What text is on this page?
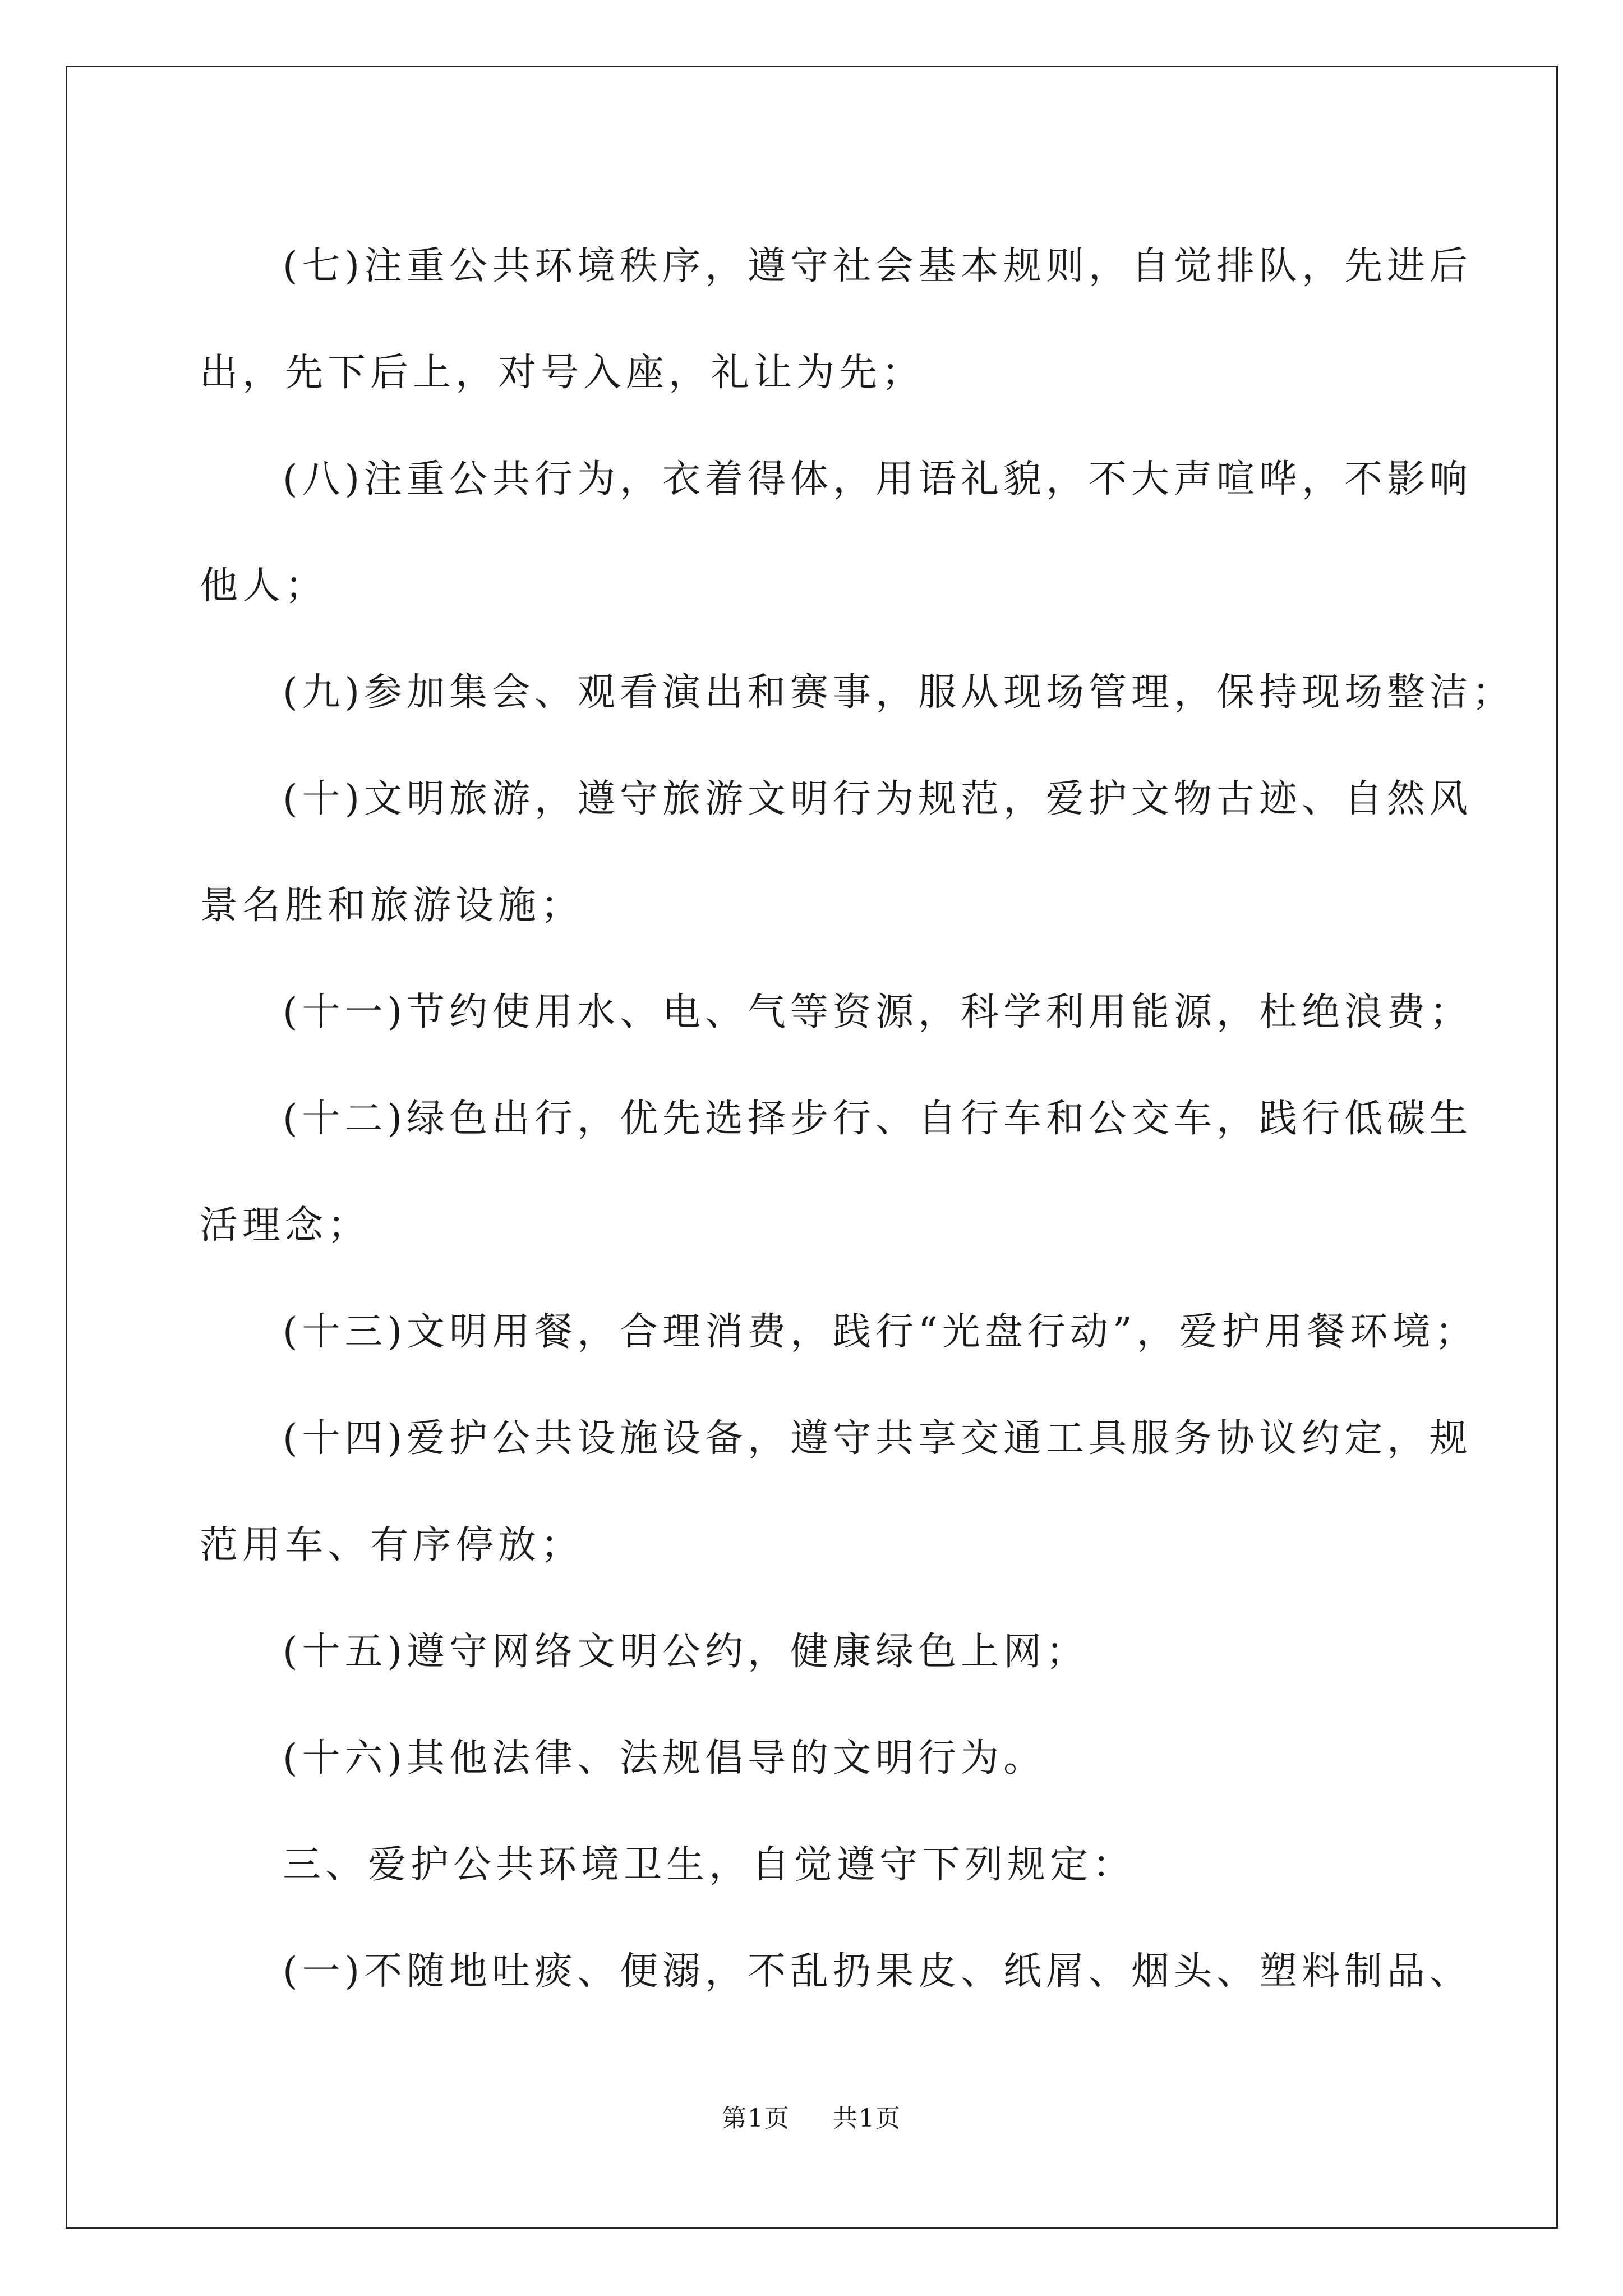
(七)注重公共环境秩序，遵守社会基本规则，自觉排队，先进后
出，先下后上，对号入座，礼让为先；
(八)注重公共行为，衣着得体，用语礼貌，不大声喧哗，不影响
他人；
(九)参加集会、观看演出和赛事，服从现场管理，保持现场整洁；
(十)文明旅游，遵守旅游文明行为规范，爱护文物古迹、自然风
景名胜和旅游设施；
(十一)节约使用水、电、气等资源，科学利用能源，杜绝浪费；
(十二)绿色出行，优先选择步行、自行车和公交车，践行低碳生
活理念；
(十三)文明用餐，合理消费，践行“光盘行动”，爱护用餐环境；
(十四)爱护公共设施设备，遵守共享交通工具服务协议约定，规
范用车、有序停放；
(十五)遵守网络文明公约，健康绿色上网；
(十六)其他法律、法规倡导的文明行为。
三、爱护公共环境卫生，自觉遵守下列规定：
(一)不随地吐痰、便溺，不乱扔果皮、纸屑、烟头、塑料制品、
第1页 共1页
